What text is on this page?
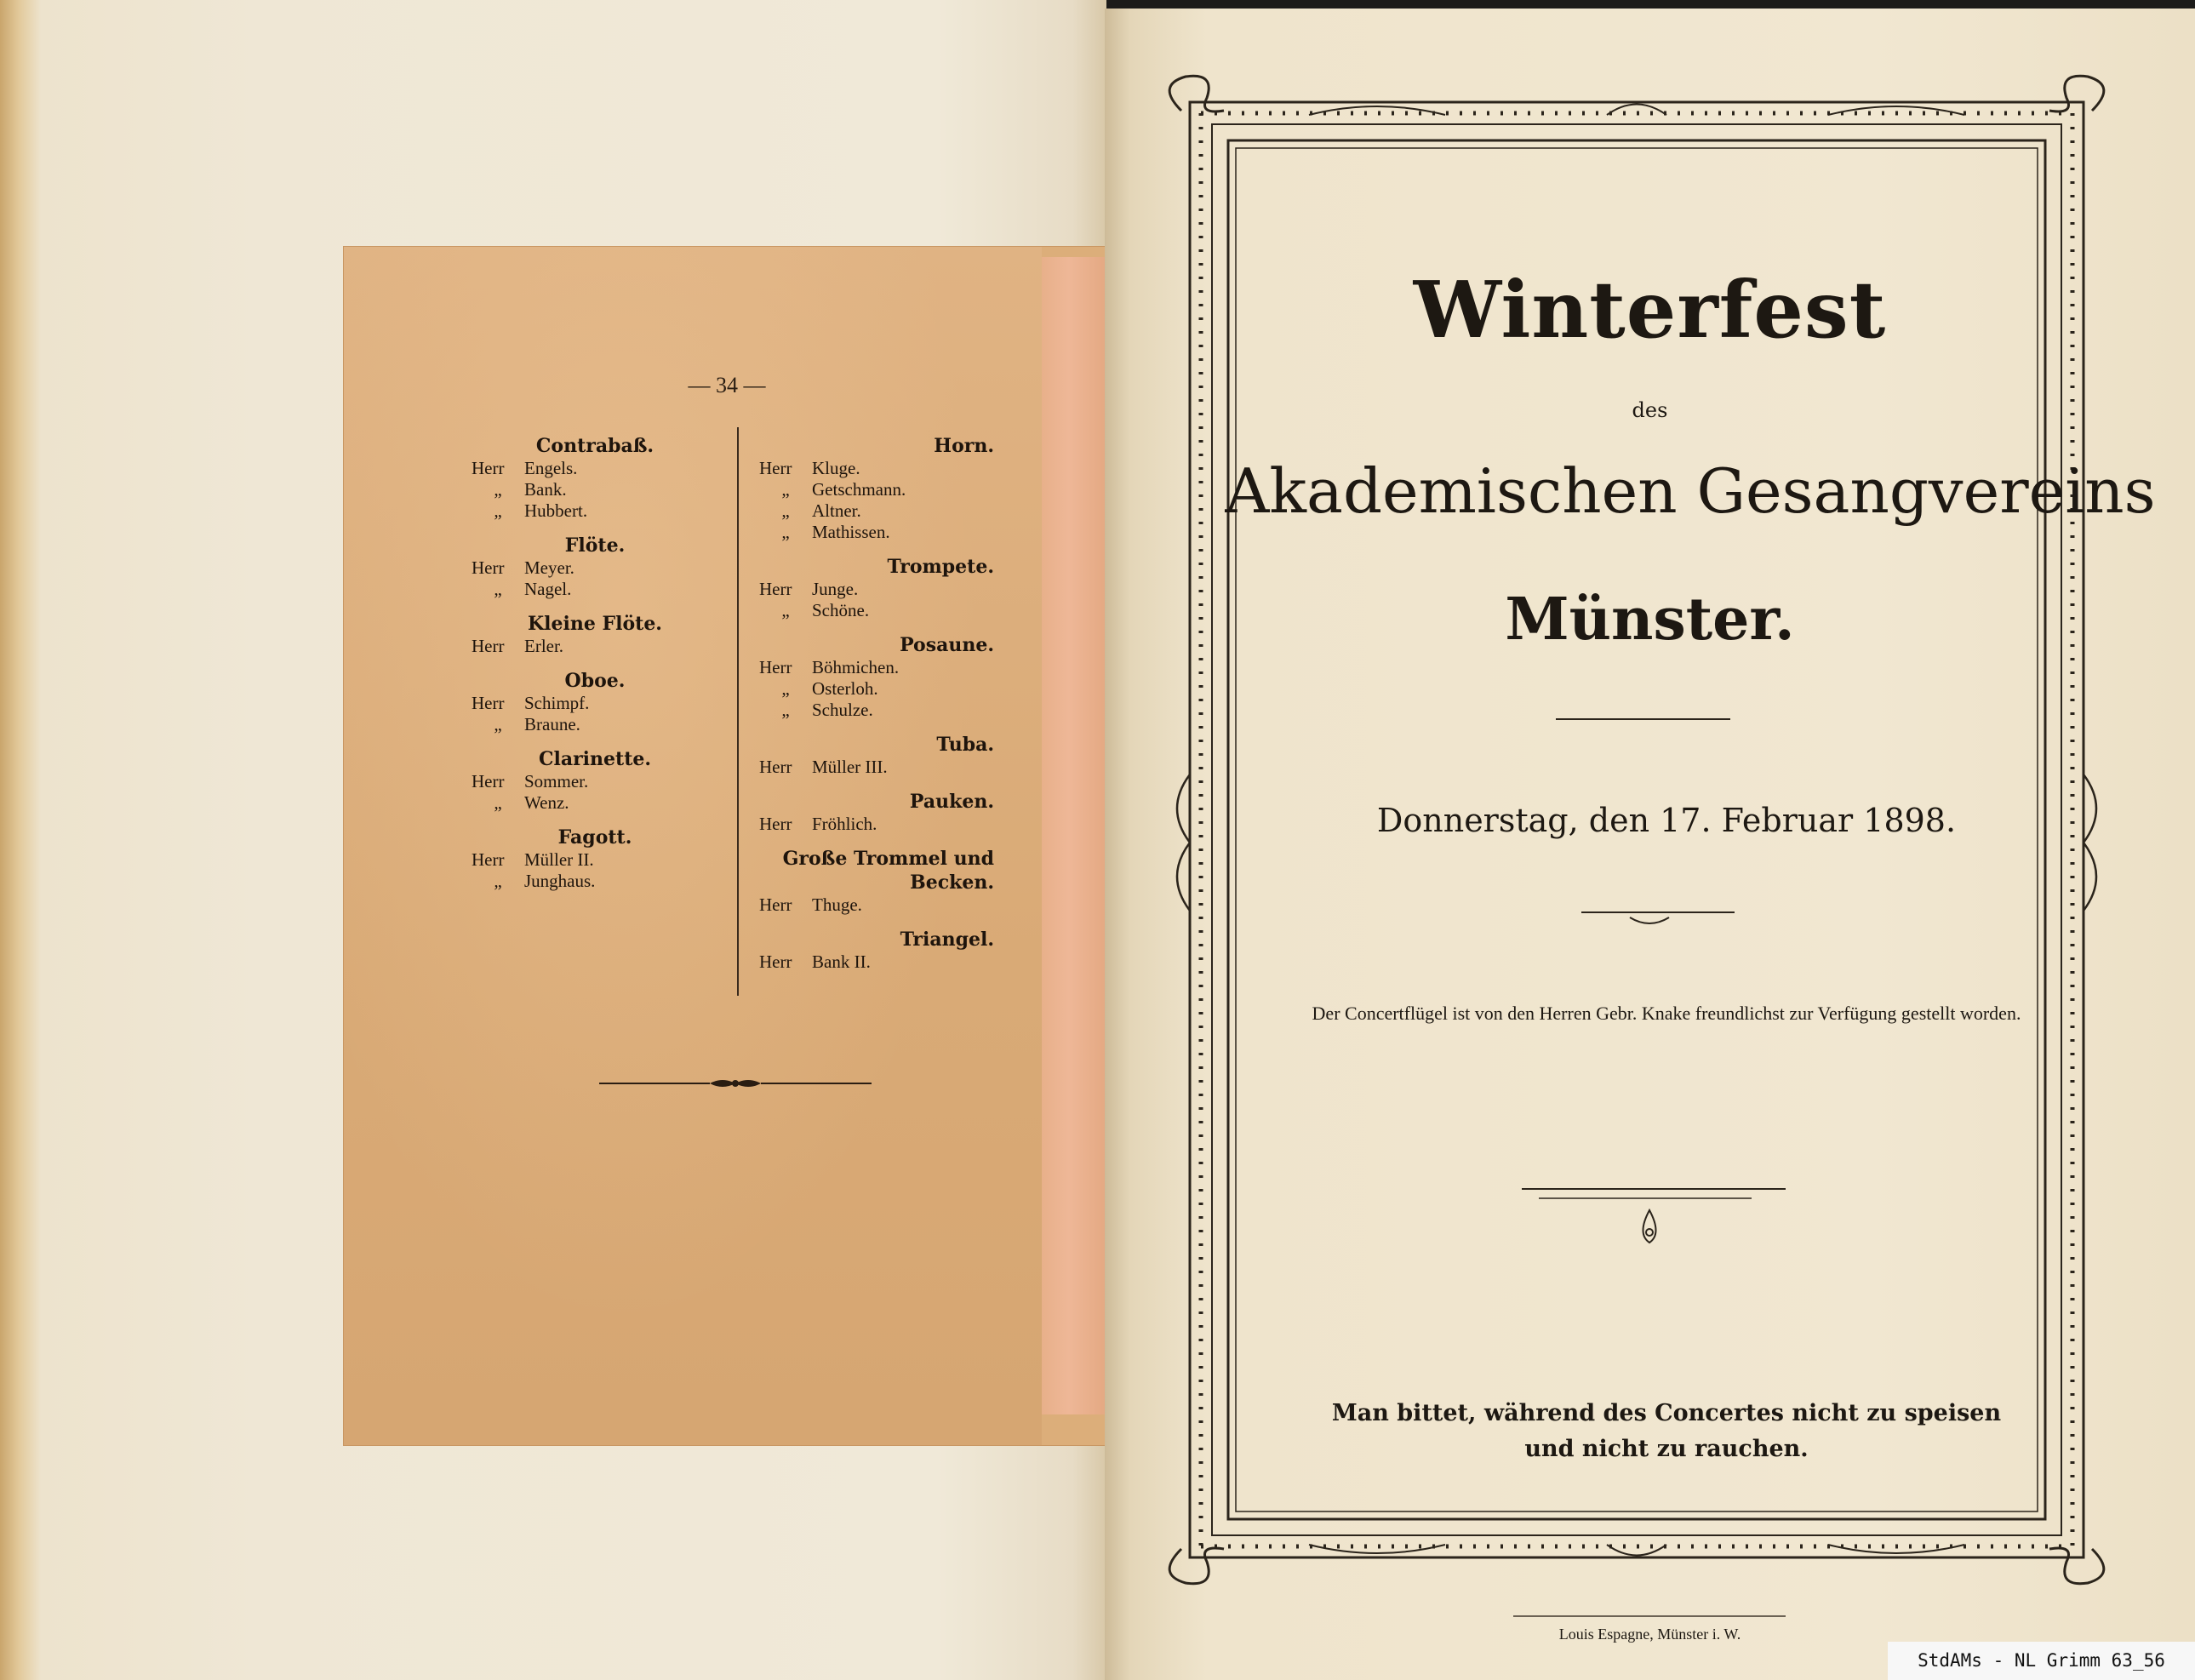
— 34 —
Contrabaß.
Herr Engels.
„ Bank.
„ Hubbert.
Flöte.
Herr Meyer.
„ Nagel.
Kleine Flöte.
Herr Erler.
Oboe.
Herr Schimpf.
„ Braune.
Clarinette.
Herr Sommer.
„ Wenz.
Fagott.
Herr Müller II.
„ Junghaus.
Horn.
Herr Kluge.
„ Getschmann.
„ Altner.
„ Mathissen.
Trompete.
Herr Junge.
„ Schöne.
Posaune.
Herr Böhmichen.
„ Osterloh.
„ Schulze.
Tuba.
Herr Müller III.
Pauken.
Herr Fröhlich.
Große Trommel und Becken.
Herr Thuge.
Triangel.
Herr Bank II.
Winterfest
des
Akademischen Gesangvereins
Münster.
Donnerstag, den 17. Februar 1898.
Der Concertflügel ist von den Herren Gebr. Knake freundlichst zur Verfügung gestellt worden.
Man bittet, während des Concertes nicht zu speisen und nicht zu rauchen.
Louis Espagne, Münster i. W.
StdAMs - NL Grimm 63_56
